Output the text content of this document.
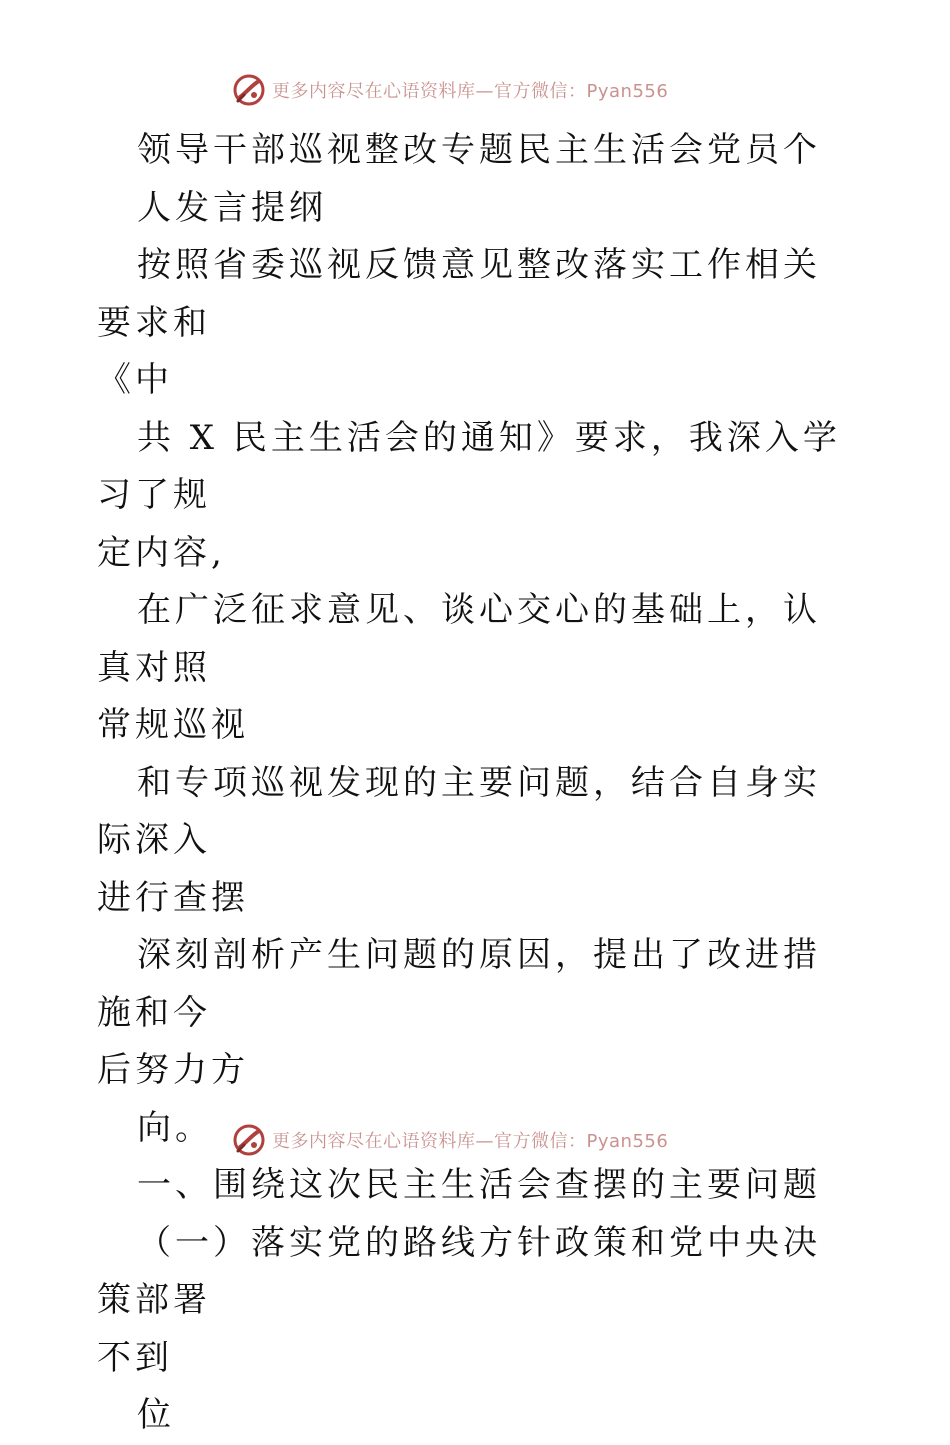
更多内容尽在心语资料库—官方微信：Pyan556

领导干部巡视整改专题民主生活会党员个

人发言提纲

按照省委巡视反馈意见整改落实工作相关要求和

《中

共 X 民主生活会的通知》要求，我深入学习了规

定内容,

在广泛征求意见、谈心交心的基础上，认真对照

常规巡视

和专项巡视发现的主要问题，结合自身实际深入

进行查摆

深刻剖析产生问题的原因，提出了改进措施和今

后努力方

向。

一、围绕这次民主生活会查摆的主要问题

（一）落实党的路线方针政策和党中央决策部署

不到

位

更多内容尽在心语资料库—官方微信：Pyan556
